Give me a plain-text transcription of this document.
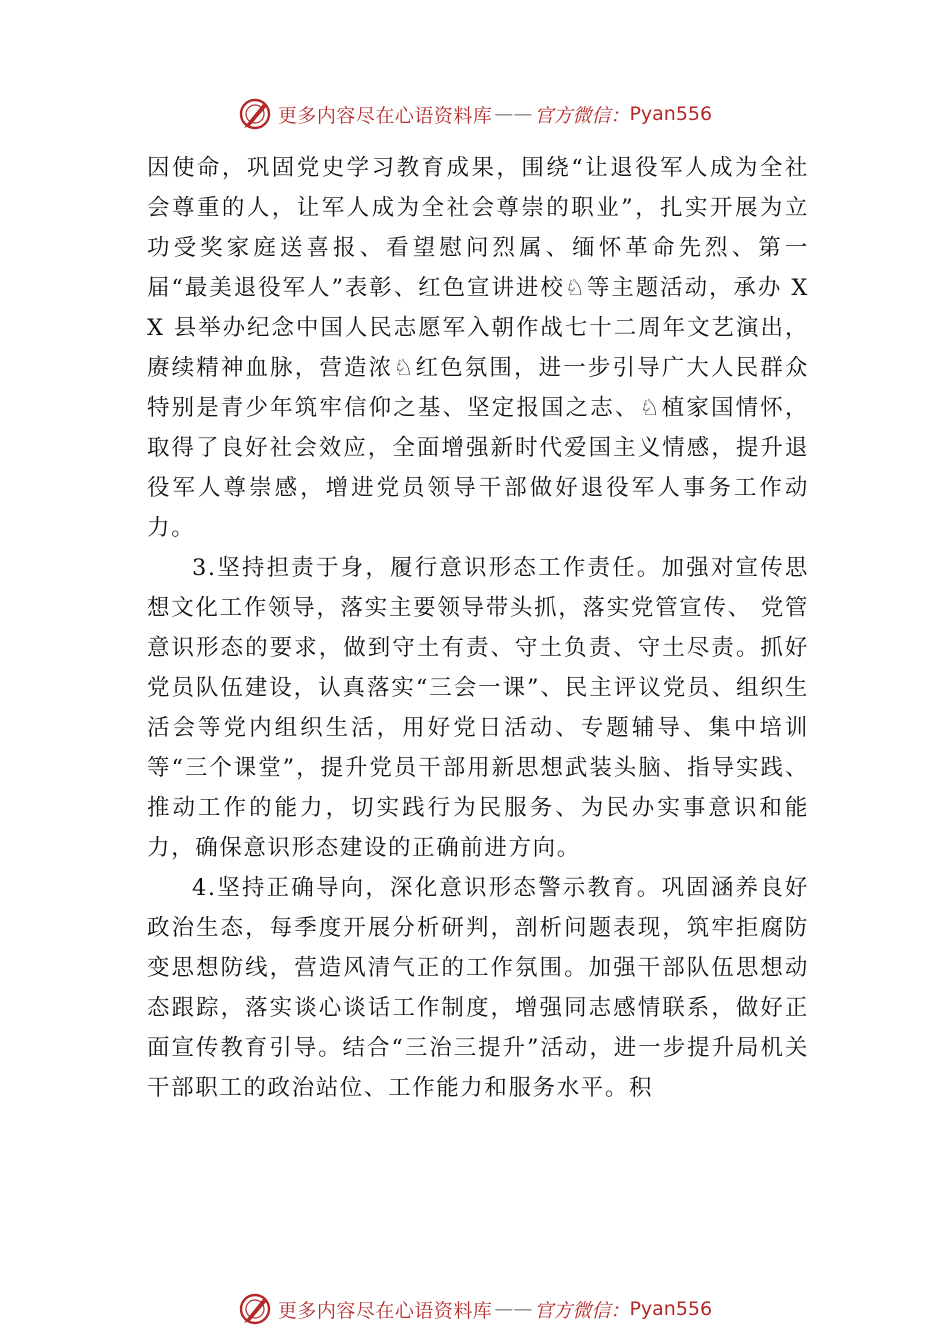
更多内容尽在心语资料库 —— 官方微信： Pyan556

因使命，巩固党史学习教育成果，围绕“让退役军人成为全社会尊重的人，让军人成为全社会尊崇的职业”，扎实开展为立功受奖家庭送喜报、看望慰问烈属、缅怀革命先烈、第一届“最美退役军人”表彰、红色宣讲进校♘等主题活动，承办 XX 县举办纪念中国人民志愿军入朝作战七十二周年文艺演出，赓续精神血脉，营造浓♘红色氛围，进一步引导广大人民群众特别是青少年筑牢信仰之基、坚定报国之志、♘植家国情怀，取得了良好社会效应，全面增强新时代爱国主义情感，提升退役军人尊崇感，增进党员领导干部做好退役军人事务工作动力。

3.坚持担责于身，履行意识形态工作责任。加强对宣传思想文化工作领导，落实主要领导带头抓，落实党管宣传、 党管意识形态的要求，做到守土有责、守土负责、守土尽责。抓好党员队伍建设，认真落实“三会一课”、民主评议党员、组织生活会等党内组织生活，用好党日活动、专题辅导、集中培训等“三个课堂”，提升党员干部用新思想武装头脑、指导实践、推动工作的能力，切实践行为民服务、为民办实事意识和能力，确保意识形态建设的正确前进方向。

4.坚持正确导向，深化意识形态警示教育。巩固涵养良好政治生态，每季度开展分析研判，剖析问题表现，筑牢拒腐防变思想防线，营造风清气正的工作氛围。加强干部队伍思想动态跟踪，落实谈心谈话工作制度，增强同志感情联系，做好正面宣传教育引导。结合“三治三提升”活动，进一步提升局机关干部职工的政治站位、工作能力和服务水平。积

更多内容尽在心语资料库 —— 官方微信： Pyan556
